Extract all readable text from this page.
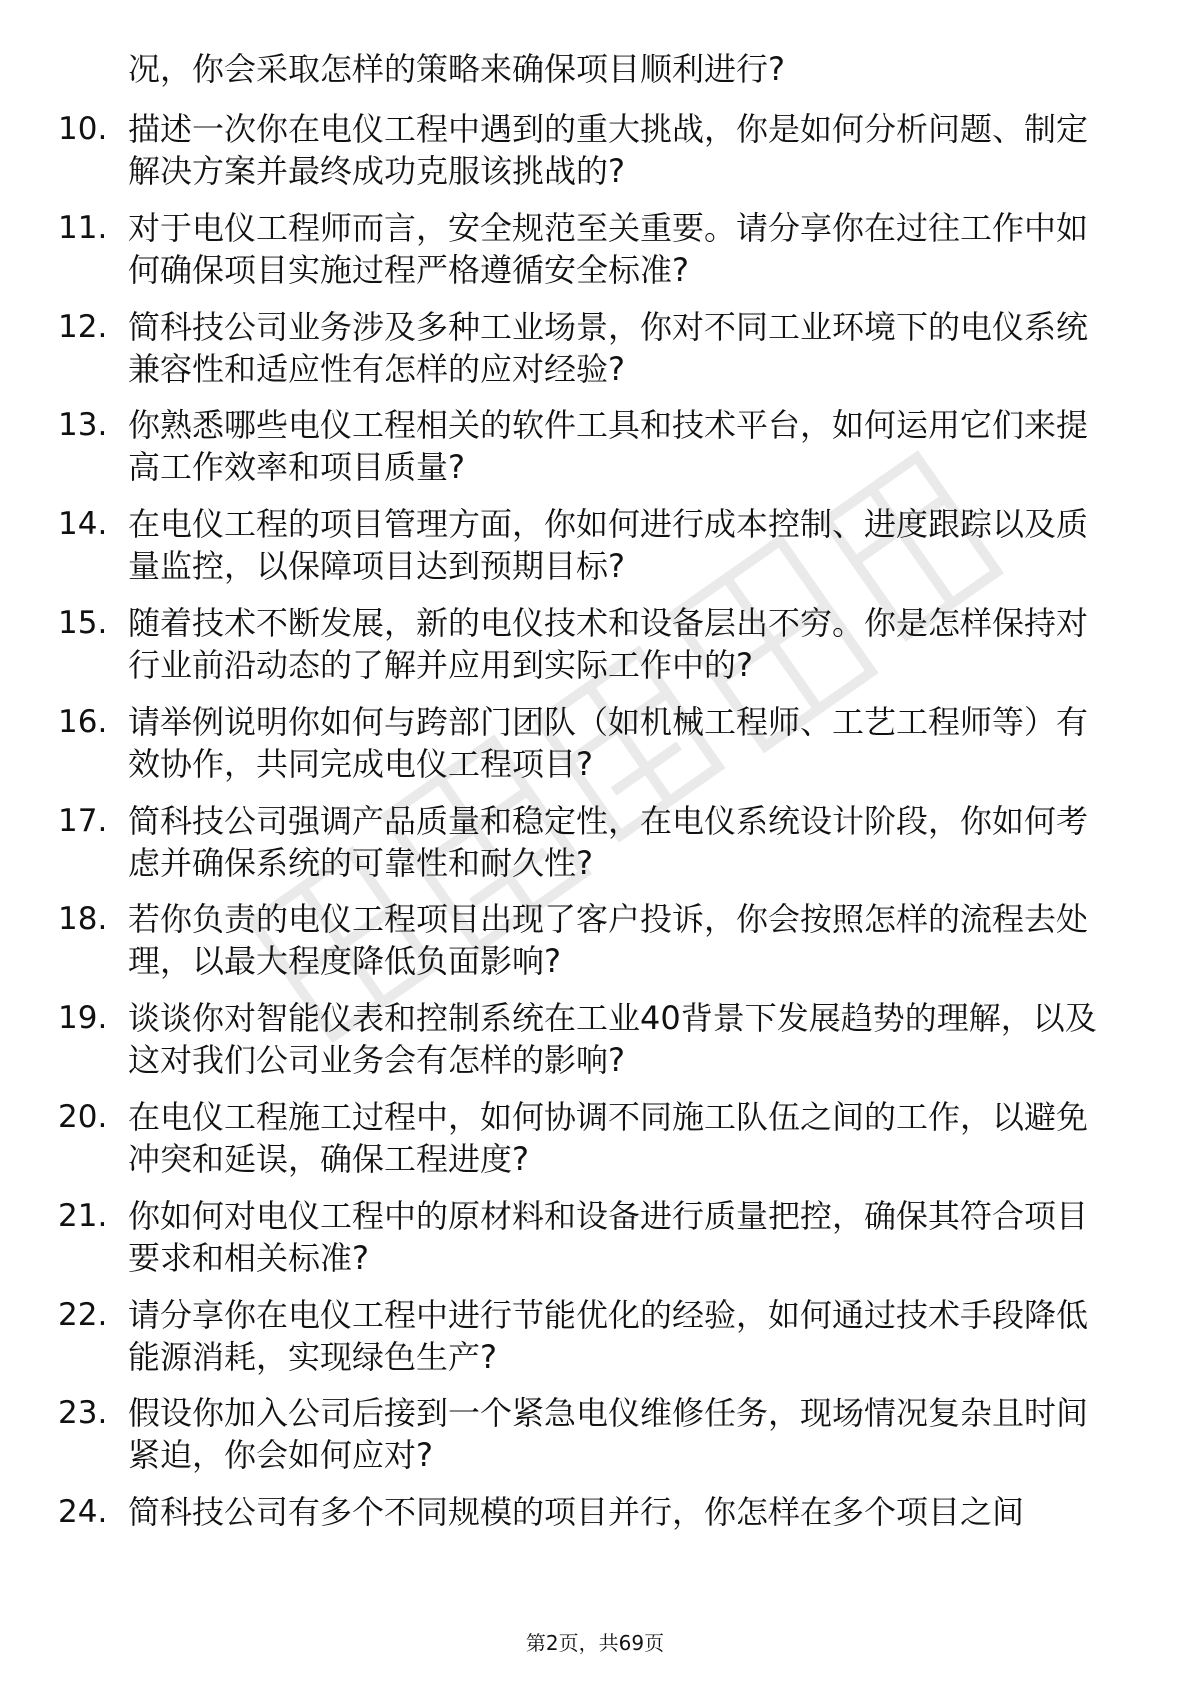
况，你会采取怎样的策略来确保项目顺利进行?
10. 描述一次你在电仪工程中遇到的重大挑战，你是如何分析问题、制定解决方案并最终成功克服该挑战的?
11. 对于电仪工程师而言，安全规范至关重要。请分享你在过往工作中如何确保项目实施过程严格遵循安全标准?
12. 简科技公司业务涉及多种工业场景，你对不同工业环境下的电仪系统兼容性和适应性有怎样的应对经验?
13. 你熟悉哪些电仪工程相关的软件工具和技术平台，如何运用它们来提高工作效率和项目质量?
14. 在电仪工程的项目管理方面，你如何进行成本控制、进度跟踪以及质量监控，以保障项目达到预期目标?
15. 随着技术不断发展，新的电仪技术和设备层出不穷。你是怎样保持对行业前沿动态的了解并应用到实际工作中的?
16. 请举例说明你如何与跨部门团队（如机械工程师、工艺工程师等）有效协作，共同完成电仪工程项目?
17. 简科技公司强调产品质量和稳定性，在电仪系统设计阶段，你如何考虑并确保系统的可靠性和耐久性?
18. 若你负责的电仪工程项目出现了客户投诉，你会按照怎样的流程去处理，以最大程度降低负面影响?
19. 谈谈你对智能仪表和控制系统在工业40背景下发展趋势的理解，以及这对我们公司业务会有怎样的影响?
20. 在电仪工程施工过程中，如何协调不同施工队伍之间的工作，以避免冲突和延误，确保工程进度?
21. 你如何对电仪工程中的原材料和设备进行质量把控，确保其符合项目要求和相关标准?
22. 请分享你在电仪工程中进行节能优化的经验，如何通过技术手段降低能源消耗，实现绿色生产?
23. 假设你加入公司后接到一个紧急电仪维修任务，现场情况复杂且时间紧迫，你会如何应对?
24. 简科技公司有多个不同规模的项目并行，你怎样在多个项目之间
第2页，共69页
